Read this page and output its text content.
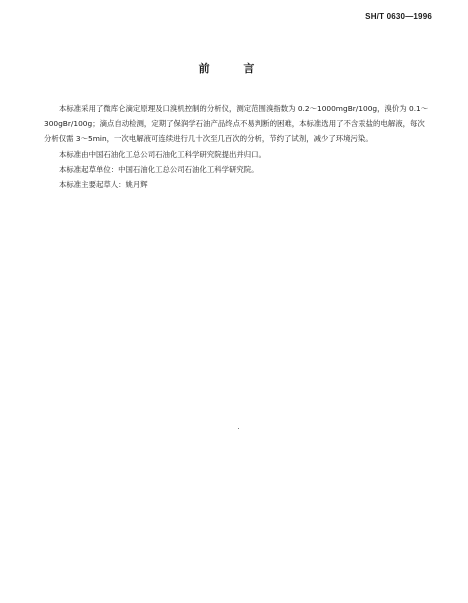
SH/T 0630—1996
前 言

本标准采用了微库仑滴定原理及口溴机控制的分析仪，测定范围溴指数为 0.2～1000mgBr/100g，溴价为 0.1～300gBr/100g；滴点自动检测，定期了保润学石油产品终点不易判断的困难，本标准选用了不含汞盐的电解液，每次分析仅需 3～5min，一次电解液可连续进行几十次至几百次的分析，节约了试剂，减少了环境污染。

本标准由中国石油化工总公司石油化工科学研究院提出并归口。

本标准起草单位：中国石油化工总公司石油化工科学研究院。

本标准主要起草人：姚月辉
